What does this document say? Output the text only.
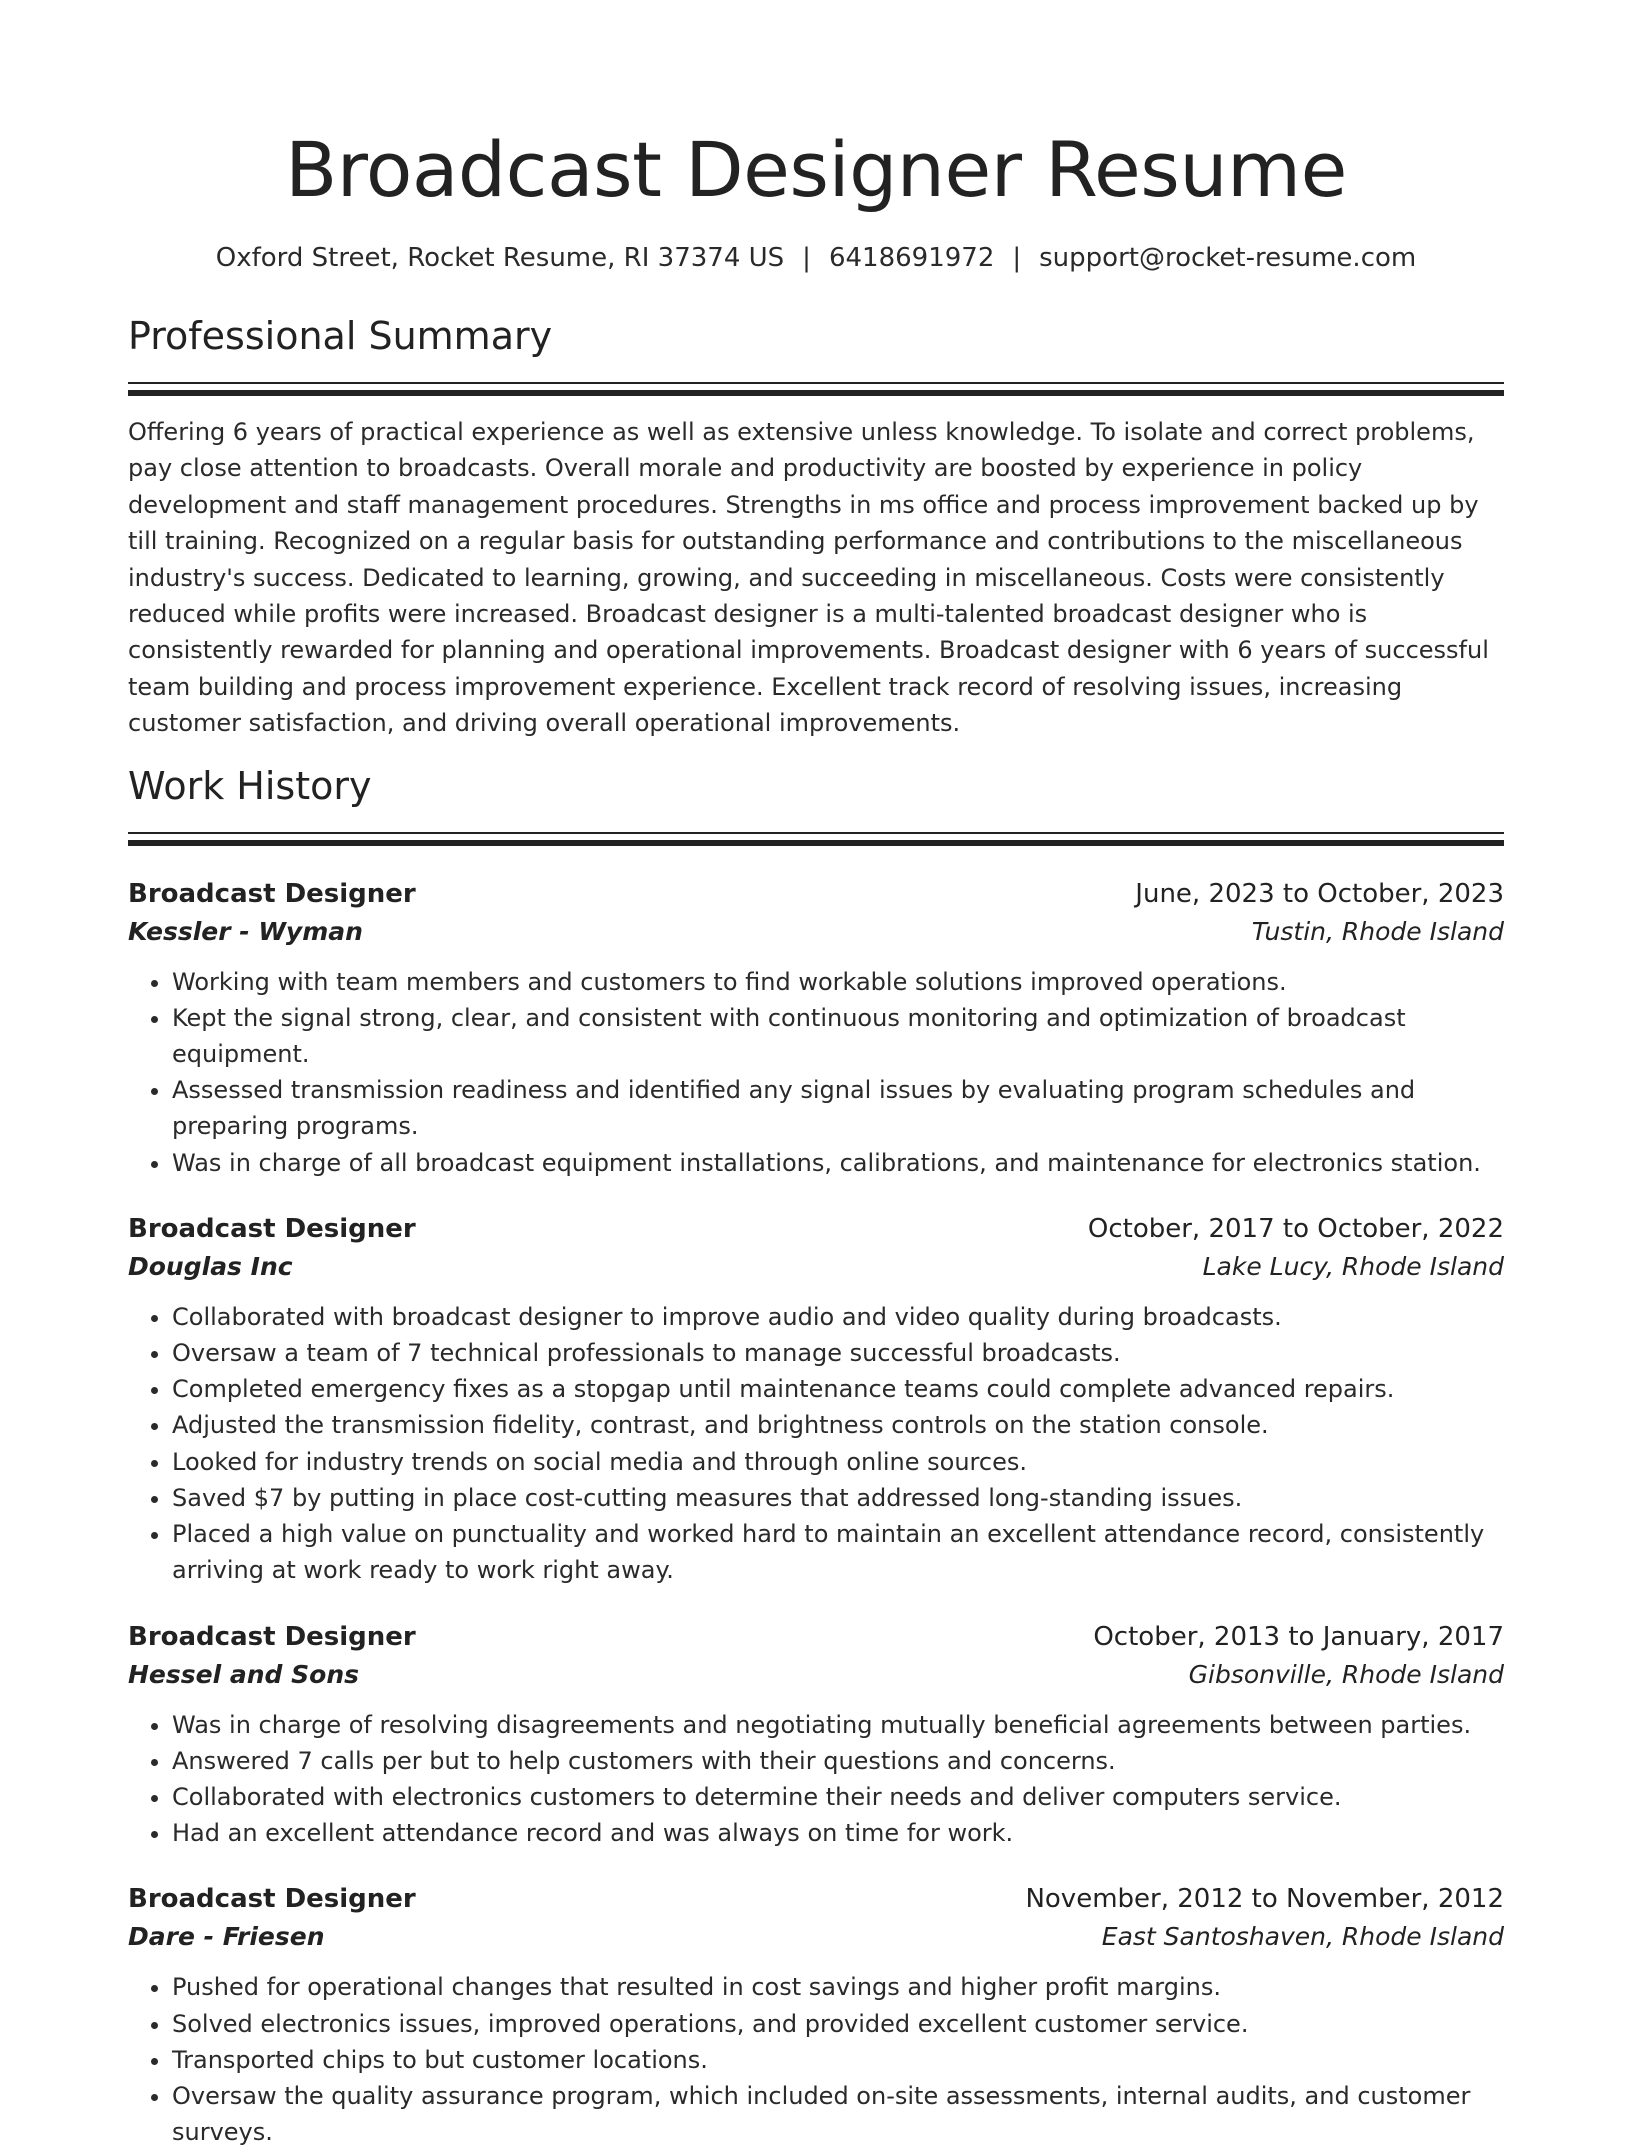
Broadcast Designer Resume
Oxford Street, Rocket Resume, RI 37374 US | 6418691972 | support@rocket-resume.com
Professional Summary

Offering 6 years of practical experience as well as extensive unless knowledge. To isolate and correct problems, pay close attention to broadcasts. Overall morale and productivity are boosted by experience in policy development and staff management procedures. Strengths in ms office and process improvement backed up by till training. Recognized on a regular basis for outstanding performance and contributions to the miscellaneous industry's success. Dedicated to learning, growing, and succeeding in miscellaneous. Costs were consistently reduced while profits were increased. Broadcast designer is a multi-talented broadcast designer who is consistently rewarded for planning and operational improvements. Broadcast designer with 6 years of successful team building and process improvement experience. Excellent track record of resolving issues, increasing customer satisfaction, and driving overall operational improvements.

Work History
Broadcast Designer	June, 2023 to October, 2023
Kessler - Wyman	Tustin, Rhode Island
• Working with team members and customers to find workable solutions improved operations.
• Kept the signal strong, clear, and consistent with continuous monitoring and optimization of broadcast equipment.
• Assessed transmission readiness and identified any signal issues by evaluating program schedules and preparing programs.
• Was in charge of all broadcast equipment installations, calibrations, and maintenance for electronics station.
Broadcast Designer	October, 2017 to October, 2022
Douglas Inc	Lake Lucy, Rhode Island
• Collaborated with broadcast designer to improve audio and video quality during broadcasts.
• Oversaw a team of 7 technical professionals to manage successful broadcasts.
• Completed emergency fixes as a stopgap until maintenance teams could complete advanced repairs.
• Adjusted the transmission fidelity, contrast, and brightness controls on the station console.
• Looked for industry trends on social media and through online sources.
• Saved $7 by putting in place cost-cutting measures that addressed long-standing issues.
• Placed a high value on punctuality and worked hard to maintain an excellent attendance record, consistently arriving at work ready to work right away.
Broadcast Designer	October, 2013 to January, 2017
Hessel and Sons	Gibsonville, Rhode Island
• Was in charge of resolving disagreements and negotiating mutually beneficial agreements between parties.
• Answered 7 calls per but to help customers with their questions and concerns.
• Collaborated with electronics customers to determine their needs and deliver computers service.
• Had an excellent attendance record and was always on time for work.
Broadcast Designer	November, 2012 to November, 2012
Dare - Friesen	East Santoshaven, Rhode Island
• Pushed for operational changes that resulted in cost savings and higher profit margins.
• Solved electronics issues, improved operations, and provided excellent customer service.
• Transported chips to but customer locations.
• Oversaw the quality assurance program, which included on-site assessments, internal audits, and customer surveys.
